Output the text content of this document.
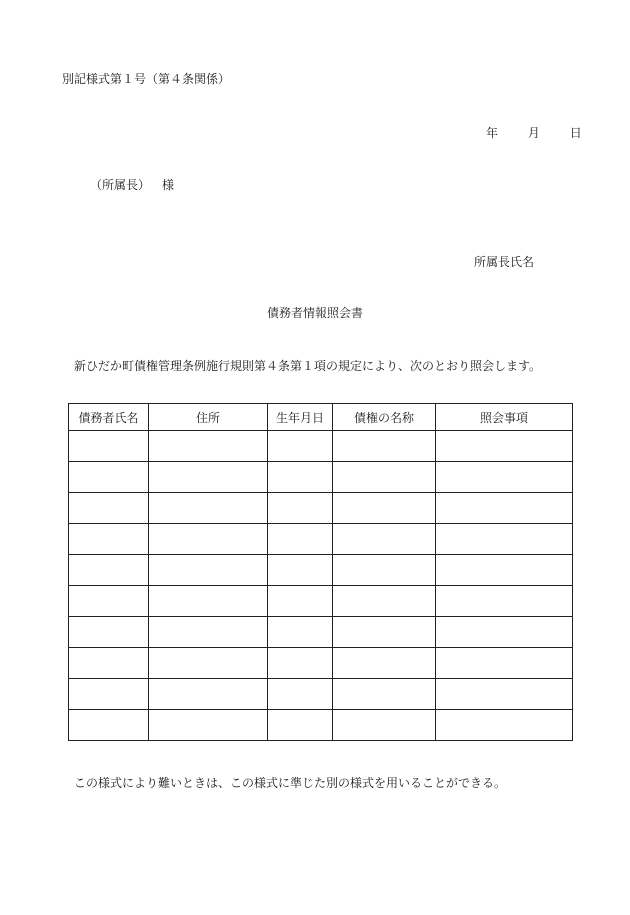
別記様式第１号（第４条関係）
年 月 日
（所属長） 様
所属長氏名
債務者情報照会書
新ひだか町債権管理条例施行規則第４条第１項の規定により、次のとおり照会します。
債務者氏名	住所	生年月日	債権の名称	照会事項

この様式により難いときは、この様式に準じた別の様式を用いることができる。
